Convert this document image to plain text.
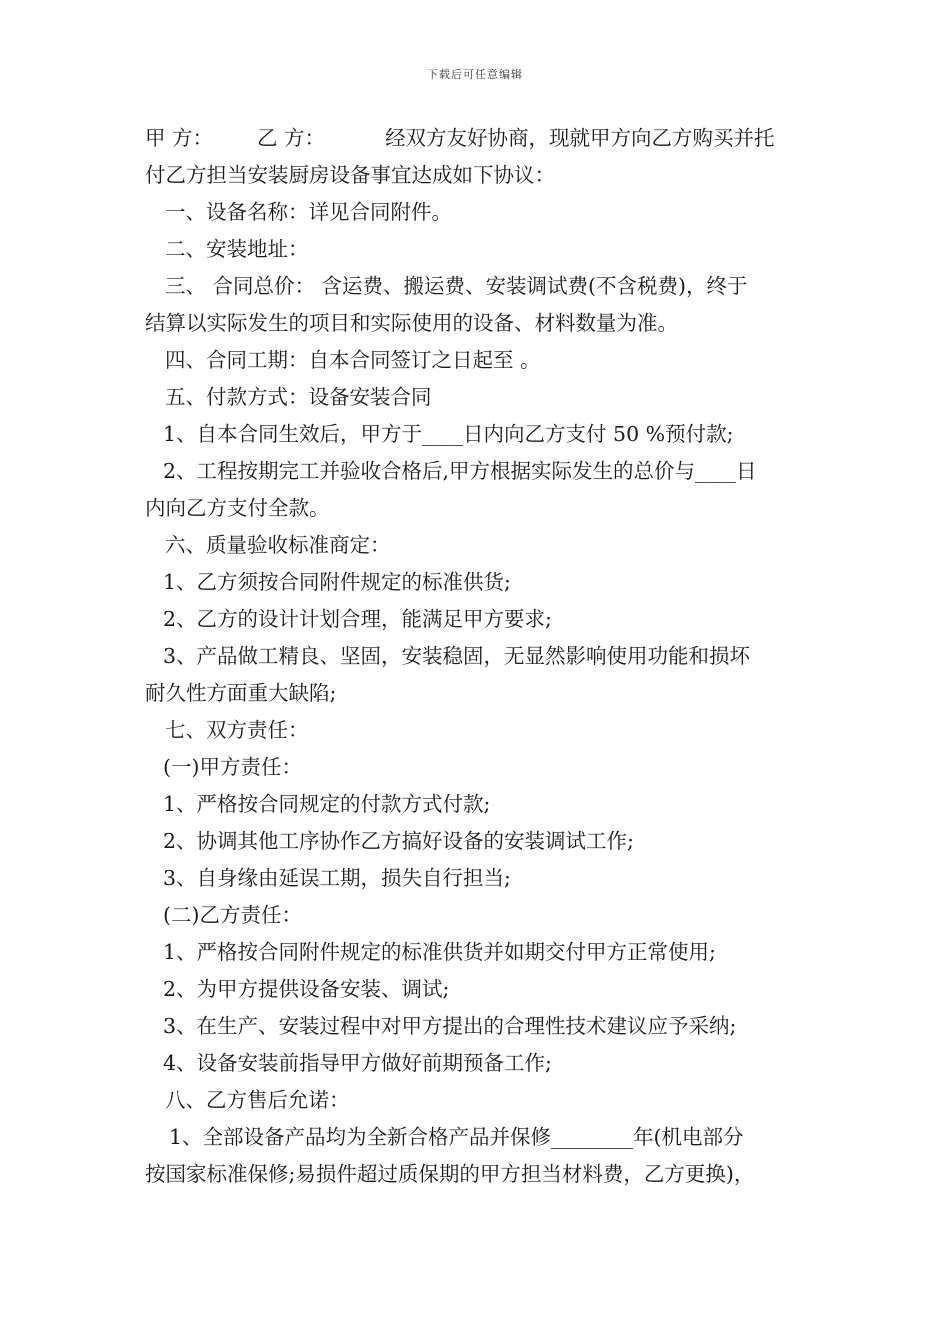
下载后可任意编辑
甲 方： 乙 方：	经双方友好协商，现就甲方向乙方购买并托
付乙方担当安装厨房设备事宜达成如下协议：
一、设备名称：详见合同附件。
二、安装地址：
三、 合同总价： 含运费、搬运费、安装调试费(不含税费)，终于
结算以实际发生的项目和实际使用的设备、材料数量为准。
四、合同工期：自本合同签订之日起至 。
五、付款方式：设备安装合同
1、自本合同生效后，甲方于____日内向乙方支付 50 %预付款;
2、工程按期完工并验收合格后,甲方根据实际发生的总价与____日
内向乙方支付全款。
六、质量验收标准商定：
1、乙方须按合同附件规定的标准供货;
2、乙方的设计计划合理，能满足甲方要求;
3、产品做工精良、坚固，安装稳固，无显然影响使用功能和损坏
耐久性方面重大缺陷;
七、双方责任：
(一)甲方责任：
1、严格按合同规定的付款方式付款;
2、协调其他工序协作乙方搞好设备的安装调试工作;
3、自身缘由延误工期，损失自行担当;
(二)乙方责任：
1、严格按合同附件规定的标准供货并如期交付甲方正常使用;
2、为甲方提供设备安装、调试;
3、在生产、安装过程中对甲方提出的合理性技术建议应予采纳;
4、设备安装前指导甲方做好前期预备工作;
八、乙方售后允诺：
1、全部设备产品均为全新合格产品并保修________年(机电部分
按国家标准保修;易损件超过质保期的甲方担当材料费，乙方更换)，
